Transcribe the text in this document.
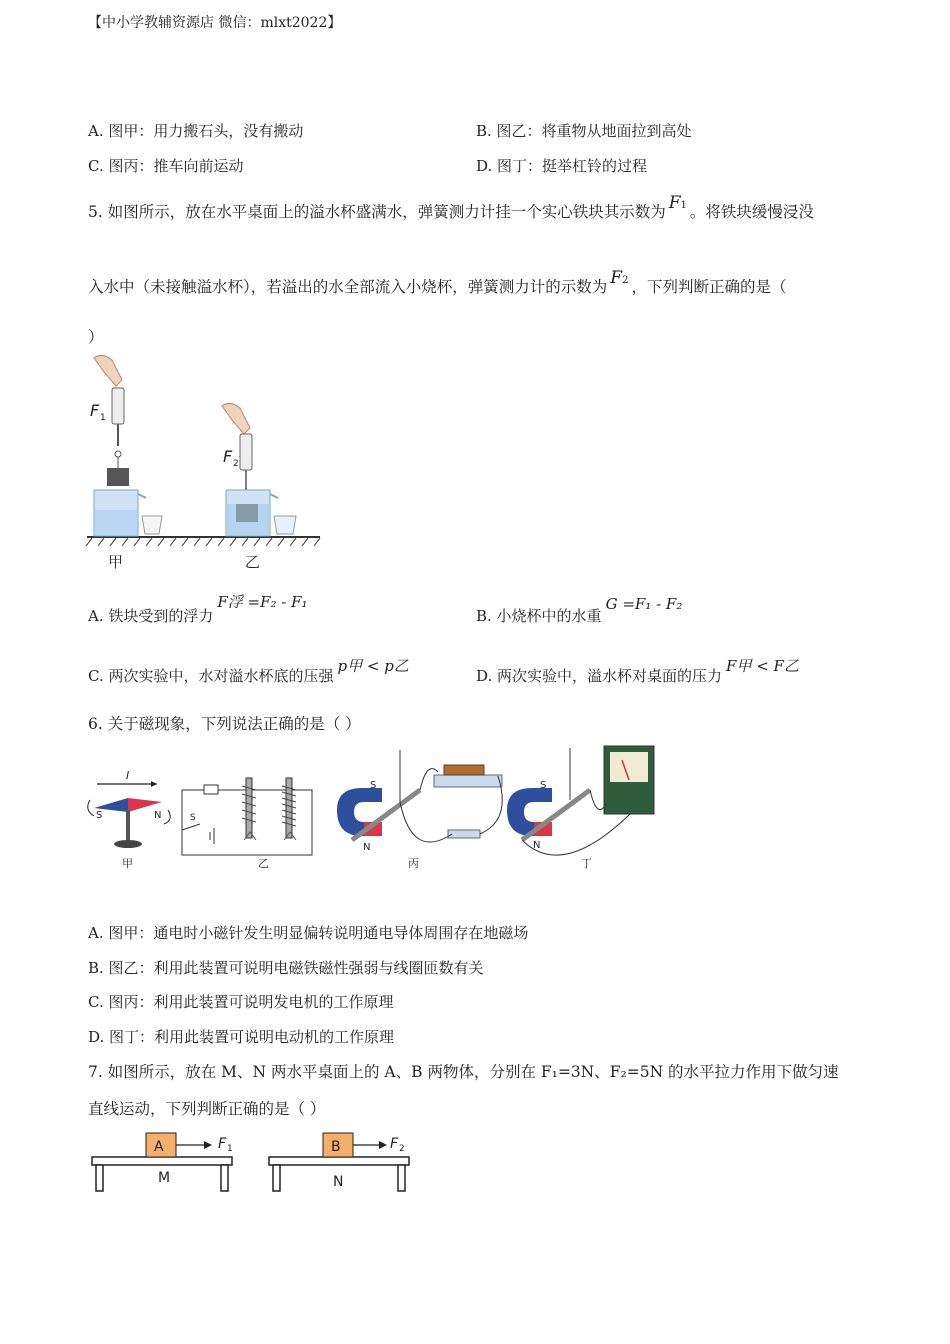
【中小学教辅资源店 微信：mlxt2022】
A. 图甲：用力搬石头，没有搬动	B. 图乙：将重物从地面拉到高处
C. 图丙：推车向前运动	D. 图丁：挺举杠铃的过程
5. 如图所示，放在水平桌面上的溢水杯盛满水，弹簧测力计挂一个实心铁块其示数为 F1 。将铁块缓慢浸没
入水中（未接触溢水杯），若溢出的水全部流入小烧杯，弹簧测力计的示数为 F2 ，下列判断正确的是（
）
F 1
F 2
甲	乙
A. 铁块受到的浮力F浮 =F₂ - F₁
B. 小烧杯中的水重G =F₁ - F₂
C. 两次实验中，水对溢水杯底的压强p甲 < p乙
D. 两次实验中，溢水杯对桌面的压力F甲 < F乙
6. 关于磁现象，下列说法正确的是（ ）
I
S	N	S
S
N
S
N
甲	乙	丙	丁
A. 图甲：通电时小磁针发生明显偏转说明通电导体周围存在地磁场
B. 图乙：利用此装置可说明电磁铁磁性强弱与线圈匝数有关
C. 图丙：利用此装置可说明发电机的工作原理
D. 图丁：利用此装置可说明电动机的工作原理
7. 如图所示，放在 M、N 两水平桌面上的 A、B 两物体，分别在 F₁=3N、F₂=5N 的水平拉力作用下做匀速
直线运动，下列判断正确的是（ ）
A	F 1
M
B	F 2
N
